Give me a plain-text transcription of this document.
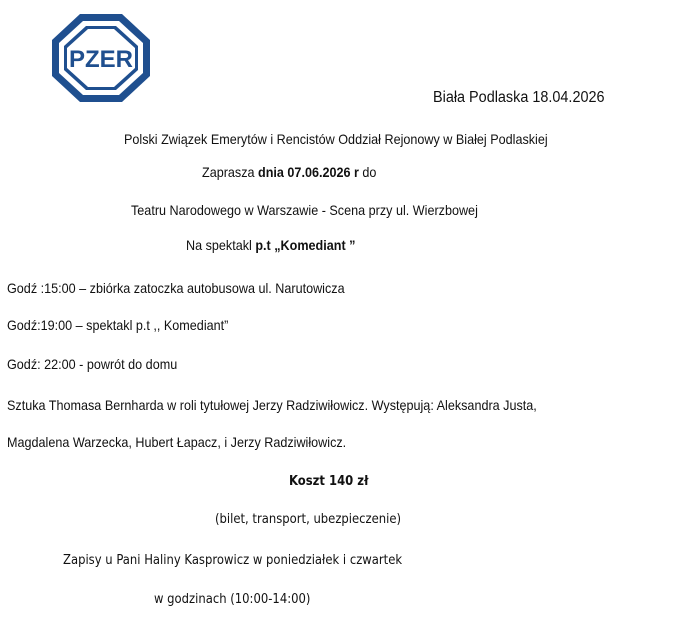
PZER
Biała Podlaska 18.04.2026
Polski Związek Emerytów i Rencistów Oddział Rejonowy w Białej Podlaskiej
Zaprasza dnia 07.06.2026 r do
Teatru Narodowego w Warszawie - Scena przy ul. Wierzbowej
Na spektakl p.t „Komediant ”
Godź :15:00 – zbiórka zatoczka autobusowa ul. Narutowicza
Godź:19:00 – spektakl p.t ,, Komediant”
Godź: 22:00 - powrót do domu
Sztuka Thomasa Bernharda w roli tytułowej Jerzy Radziwiłowicz. Występują: Aleksandra Justa,
Magdalena Warzecka, Hubert Łapacz, i Jerzy Radziwiłowicz.
Koszt 140 zł
(bilet, transport, ubezpieczenie)
Zapisy u Pani Haliny Kasprowicz w poniedziałek i czwartek
w godzinach (10:00-14:00)
